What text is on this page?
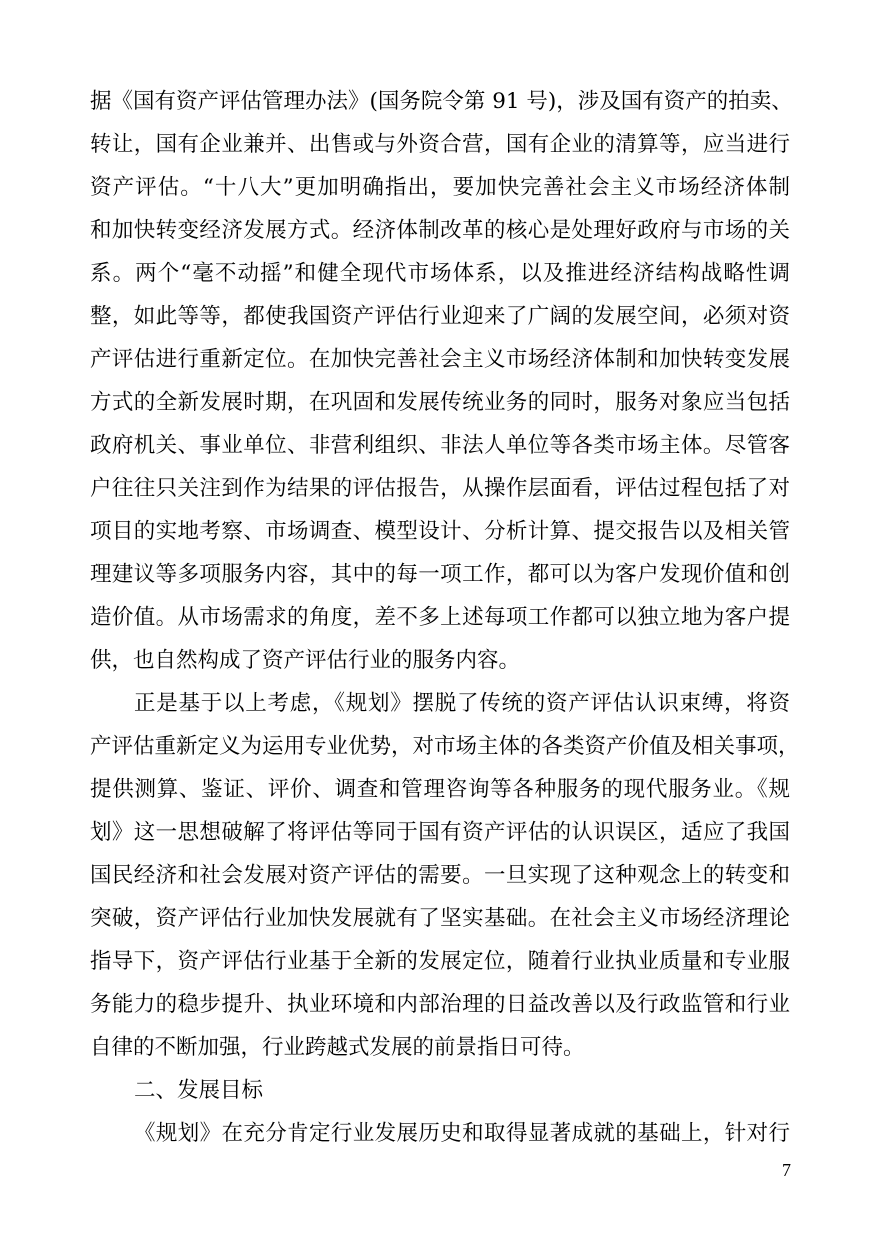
据《国有资产评估管理办法》(国务院令第 91 号)，涉及国有资产的拍卖、
转让，国有企业兼并、出售或与外资合营，国有企业的清算等，应当进行
资产评估。“十八大”更加明确指出，要加快完善社会主义市场经济体制
和加快转变经济发展方式。经济体制改革的核心是处理好政府与市场的关
系。两个“毫不动摇”和健全现代市场体系，以及推进经济结构战略性调
整，如此等等，都使我国资产评估行业迎来了广阔的发展空间，必须对资
产评估进行重新定位。在加快完善社会主义市场经济体制和加快转变发展
方式的全新发展时期，在巩固和发展传统业务的同时，服务对象应当包括
政府机关、事业单位、非营利组织、非法人单位等各类市场主体。尽管客
户往往只关注到作为结果的评估报告，从操作层面看，评估过程包括了对
项目的实地考察、市场调查、模型设计、分析计算、提交报告以及相关管
理建议等多项服务内容，其中的每一项工作，都可以为客户发现价值和创
造价值。从市场需求的角度，差不多上述每项工作都可以独立地为客户提
供，也自然构成了资产评估行业的服务内容。
正是基于以上考虑，《规划》摆脱了传统的资产评估认识束缚，将资
产评估重新定义为运用专业优势，对市场主体的各类资产价值及相关事项，
提供测算、鉴证、评价、调查和管理咨询等各种服务的现代服务业。《规
划》这一思想破解了将评估等同于国有资产评估的认识误区，适应了我国
国民经济和社会发展对资产评估的需要。一旦实现了这种观念上的转变和
突破，资产评估行业加快发展就有了坚实基础。在社会主义市场经济理论
指导下，资产评估行业基于全新的发展定位，随着行业执业质量和专业服
务能力的稳步提升、执业环境和内部治理的日益改善以及行政监管和行业
自律的不断加强，行业跨越式发展的前景指日可待。
二、发展目标
《规划》在充分肯定行业发展历史和取得显著成就的基础上，针对行
7
